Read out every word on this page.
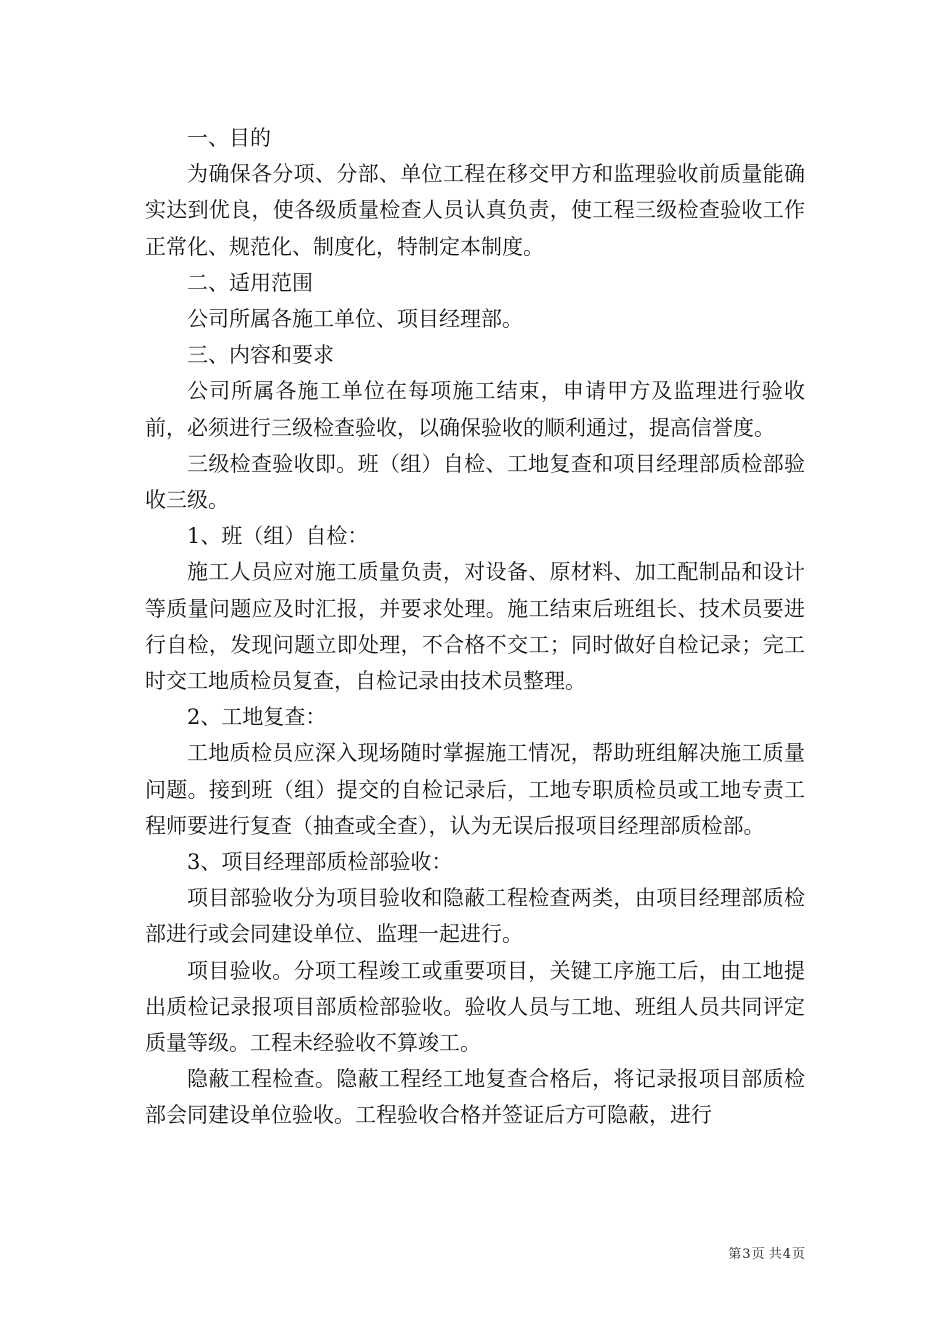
一、目的

为确保各分项、分部、单位工程在移交甲方和监理验收前质量能确实达到优良，使各级质量检查人员认真负责，使工程三级检查验收工作正常化、规范化、制度化，特制定本制度。

二、适用范围

公司所属各施工单位、项目经理部。

三、内容和要求

公司所属各施工单位在每项施工结束，申请甲方及监理进行验收前，必须进行三级检查验收，以确保验收的顺利通过，提高信誉度。

三级检查验收即。班（组）自检、工地复查和项目经理部质检部验收三级。

1、班（组）自检：

施工人员应对施工质量负责，对设备、原材料、加工配制品和设计等质量问题应及时汇报，并要求处理。施工结束后班组长、技术员要进行自检，发现问题立即处理，不合格不交工；同时做好自检记录；完工时交工地质检员复查，自检记录由技术员整理。

2、工地复查：

工地质检员应深入现场随时掌握施工情况，帮助班组解决施工质量问题。接到班（组）提交的自检记录后，工地专职质检员或工地专责工程师要进行复查（抽查或全查），认为无误后报项目经理部质检部。

3、项目经理部质检部验收：

项目部验收分为项目验收和隐蔽工程检查两类，由项目经理部质检部进行或会同建设单位、监理一起进行。

项目验收。分项工程竣工或重要项目，关键工序施工后，由工地提出质检记录报项目部质检部验收。验收人员与工地、班组人员共同评定质量等级。工程未经验收不算竣工。

隐蔽工程检查。隐蔽工程经工地复查合格后，将记录报项目部质检部会同建设单位验收。工程验收合格并签证后方可隐蔽，进行

第3页 共4页
